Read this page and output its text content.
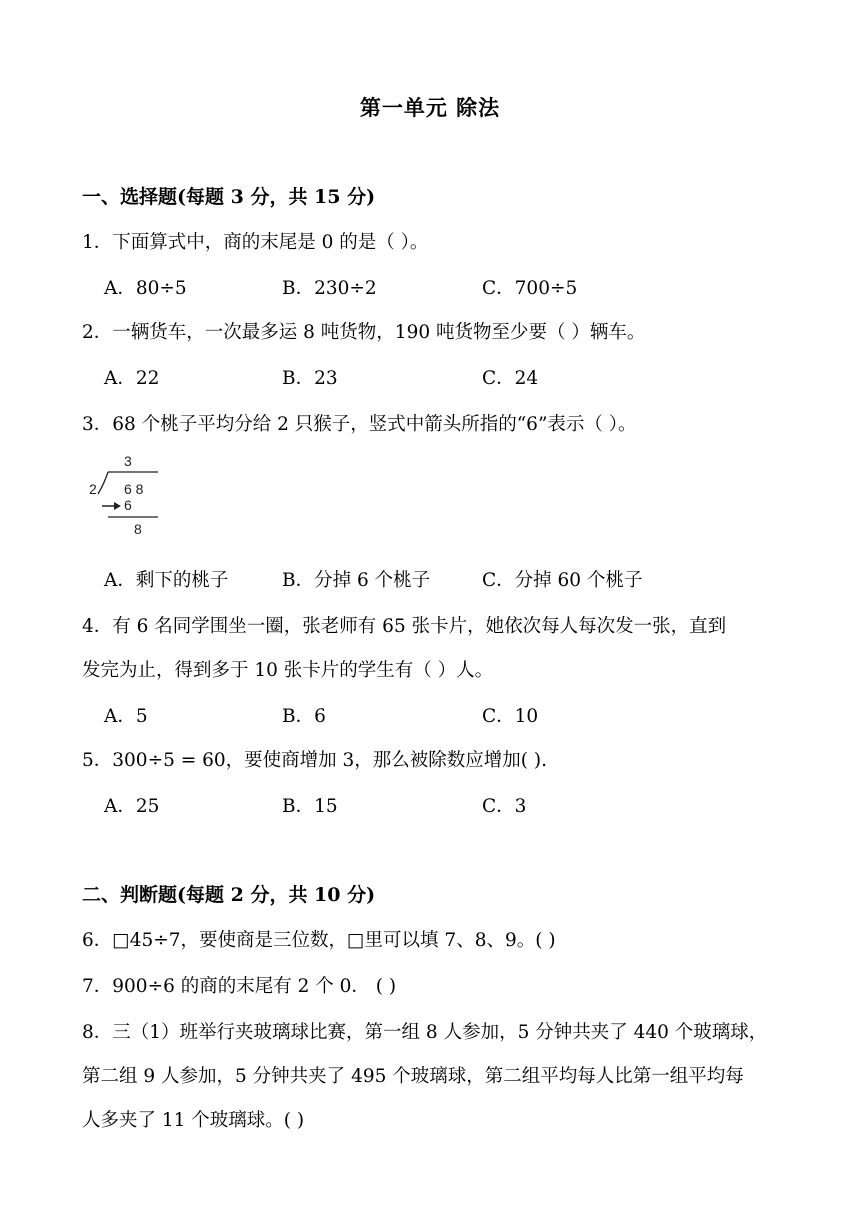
第一单元 除法
一、选择题(每题 3 分，共 15 分)
1．下面算式中，商的末尾是 0 的是（ ）。
A．80÷5	B．230÷2	C．700÷5
2．一辆货车，一次最多运 8 吨货物，190 吨货物至少要（ ）辆车。
A．22	B．23	C．24
3．68 个桃子平均分给 2 只猴子，竖式中箭头所指的“6”表示（ ）。
3
2 6 8
6
8
A．剩下的桃子	B．分掉 6 个桃子	C．分掉 60 个桃子
4．有 6 名同学围坐一圈，张老师有 65 张卡片，她依次每人每次发一张，直到
发完为止，得到多于 10 张卡片的学生有（ ）人。
A．5	B．6	C．10
5．300÷5 = 60，要使商增加 3，那么被除数应增加( ).
A．25	B．15	C．3
二、判断题(每题 2 分，共 10 分)
6．□45÷7，要使商是三位数，□里可以填 7、8、9。( )
7．900÷6 的商的末尾有 2 个 0． ( )
8．三（1）班举行夹玻璃球比赛，第一组 8 人参加，5 分钟共夹了 440 个玻璃球，
第二组 9 人参加，5 分钟共夹了 495 个玻璃球，第二组平均每人比第一组平均每
人多夹了 11 个玻璃球。( )
